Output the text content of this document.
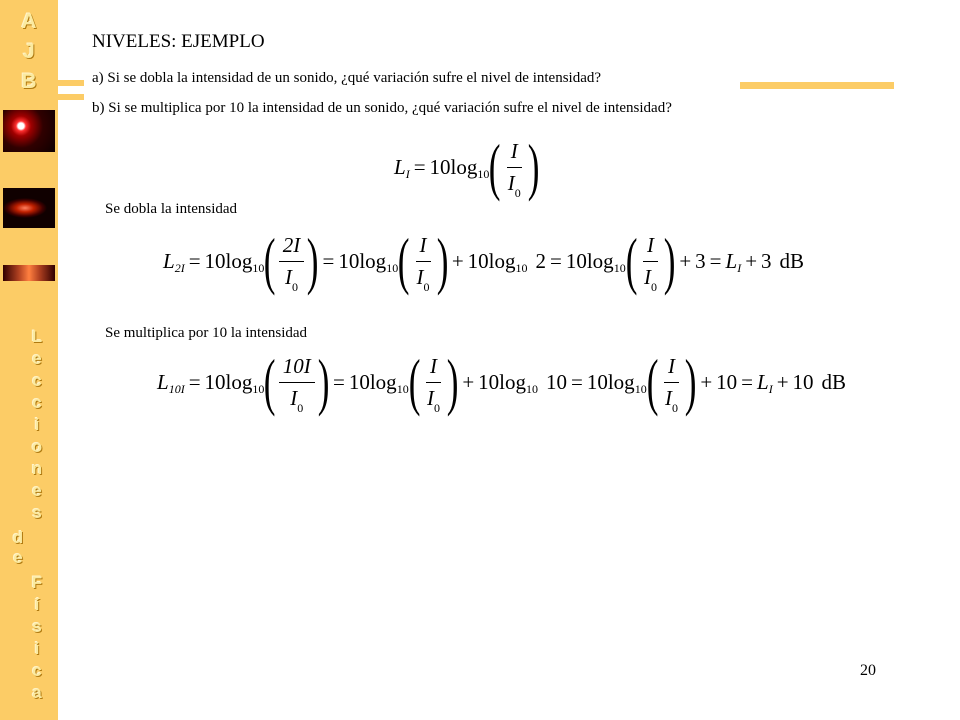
A
J
B
L
e
c
c
i
o
n
e
s
d
e
F
í
s
i
c
a
NIVELES: EJEMPLO
a) Si se dobla la intensidad de un sonido, ¿qué variación sufre el nivel de intensidad?
b) Si se multiplica por 10 la intensidad de un sonido, ¿qué variación sufre el nivel de intensidad?
L I = 10 log 10 ( $\frac{I}{I_0}$ )
Se dobla la intensidad
L 2I = 10 log 10 ( $\frac{2I}{I_0}$ ) = 10 log 10 ( $\frac{I}{I_0}$ ) + 10 log 10 2 = 10 log 10 ( $\frac{I}{I_0}$ ) + 3 = L I + 3 dB
Se multiplica por 10 la intensidad
L 10I = 10 log 10 ( $\frac{10I}{I_0}$ ) = 10 log 10 ( $\frac{I}{I_0}$ ) + 10 log 10 10 = 10 log 10 ( $\frac{I}{I_0}$ ) + 10 = L I + 10 dB
20
